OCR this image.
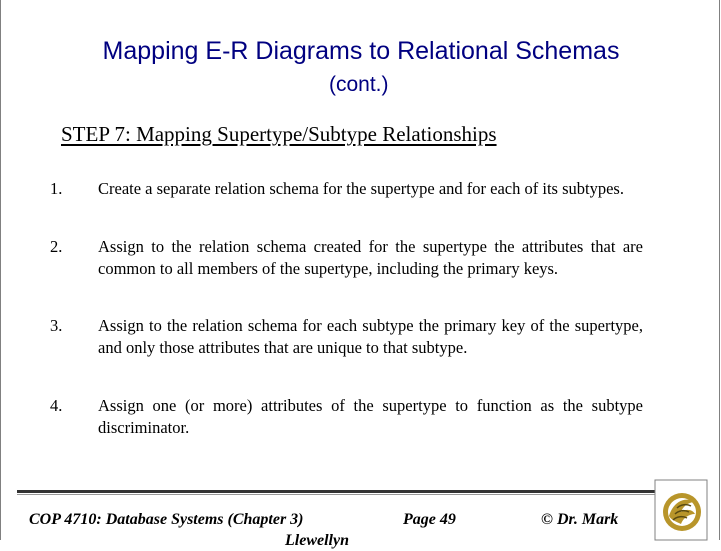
Mapping E-R Diagrams to Relational Schemas
(cont.)
STEP 7: Mapping Supertype/Subtype Relationships
1. Create a separate relation schema for the supertype and for each of its subtypes.
2. Assign to the relation schema created for the supertype the attributes that are common to all members of the supertype, including the primary keys.
3. Assign to the relation schema for each subtype the primary key of the supertype, and only those attributes that are unique to that subtype.
4. Assign one (or more) attributes of the supertype to function as the subtype discriminator.
COP 4710: Database Systems (Chapter 3)	Page 49	© Dr. Mark
Llewellyn
